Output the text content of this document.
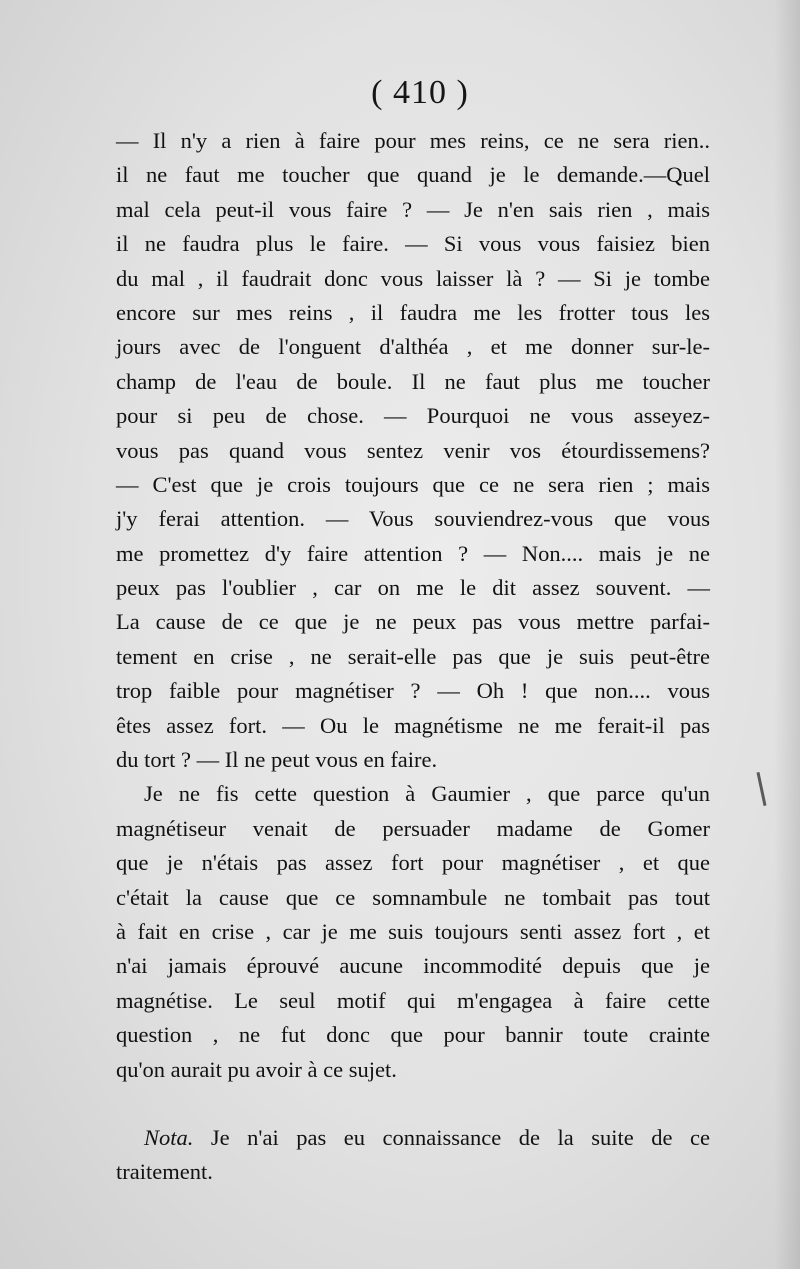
( 410 )
— Il n'y a rien à faire pour mes reins, ce ne sera rien..
il ne faut me toucher que quand je le demande.—Quel
mal cela peut-il vous faire ? — Je n'en sais rien , mais
il ne faudra plus le faire. — Si vous vous faisiez bien
du mal , il faudrait donc vous laisser là ? — Si je tombe
encore sur mes reins , il faudra me les frotter tous les
jours avec de l'onguent d'althéa , et me donner sur-le-
champ de l'eau de boule. Il ne faut plus me toucher
pour si peu de chose. — Pourquoi ne vous asseyez-
vous pas quand vous sentez venir vos étourdissemens?
— C'est que je crois toujours que ce ne sera rien ; mais
j'y ferai attention. — Vous souviendrez-vous que vous
me promettez d'y faire attention ? — Non.... mais je ne
peux pas l'oublier , car on me le dit assez souvent. —
La cause de ce que je ne peux pas vous mettre parfai-
tement en crise , ne serait-elle pas que je suis peut-être
trop faible pour magnétiser ? — Oh ! que non.... vous
êtes assez fort. — Ou le magnétisme ne me ferait-il pas
du tort ? — Il ne peut vous en faire.
Je ne fis cette question à Gaumier , que parce qu'un
magnétiseur venait de persuader madame de Gomer
que je n'étais pas assez fort pour magnétiser , et que
c'était la cause que ce somnambule ne tombait pas tout
à fait en crise , car je me suis toujours senti assez fort , et
n'ai jamais éprouvé aucune incommodité depuis que je
magnétise. Le seul motif qui m'engagea à faire cette
question , ne fut donc que pour bannir toute crainte
qu'on aurait pu avoir à ce sujet.
Nota. Je n'ai pas eu connaissance de la suite de ce
traitement.
